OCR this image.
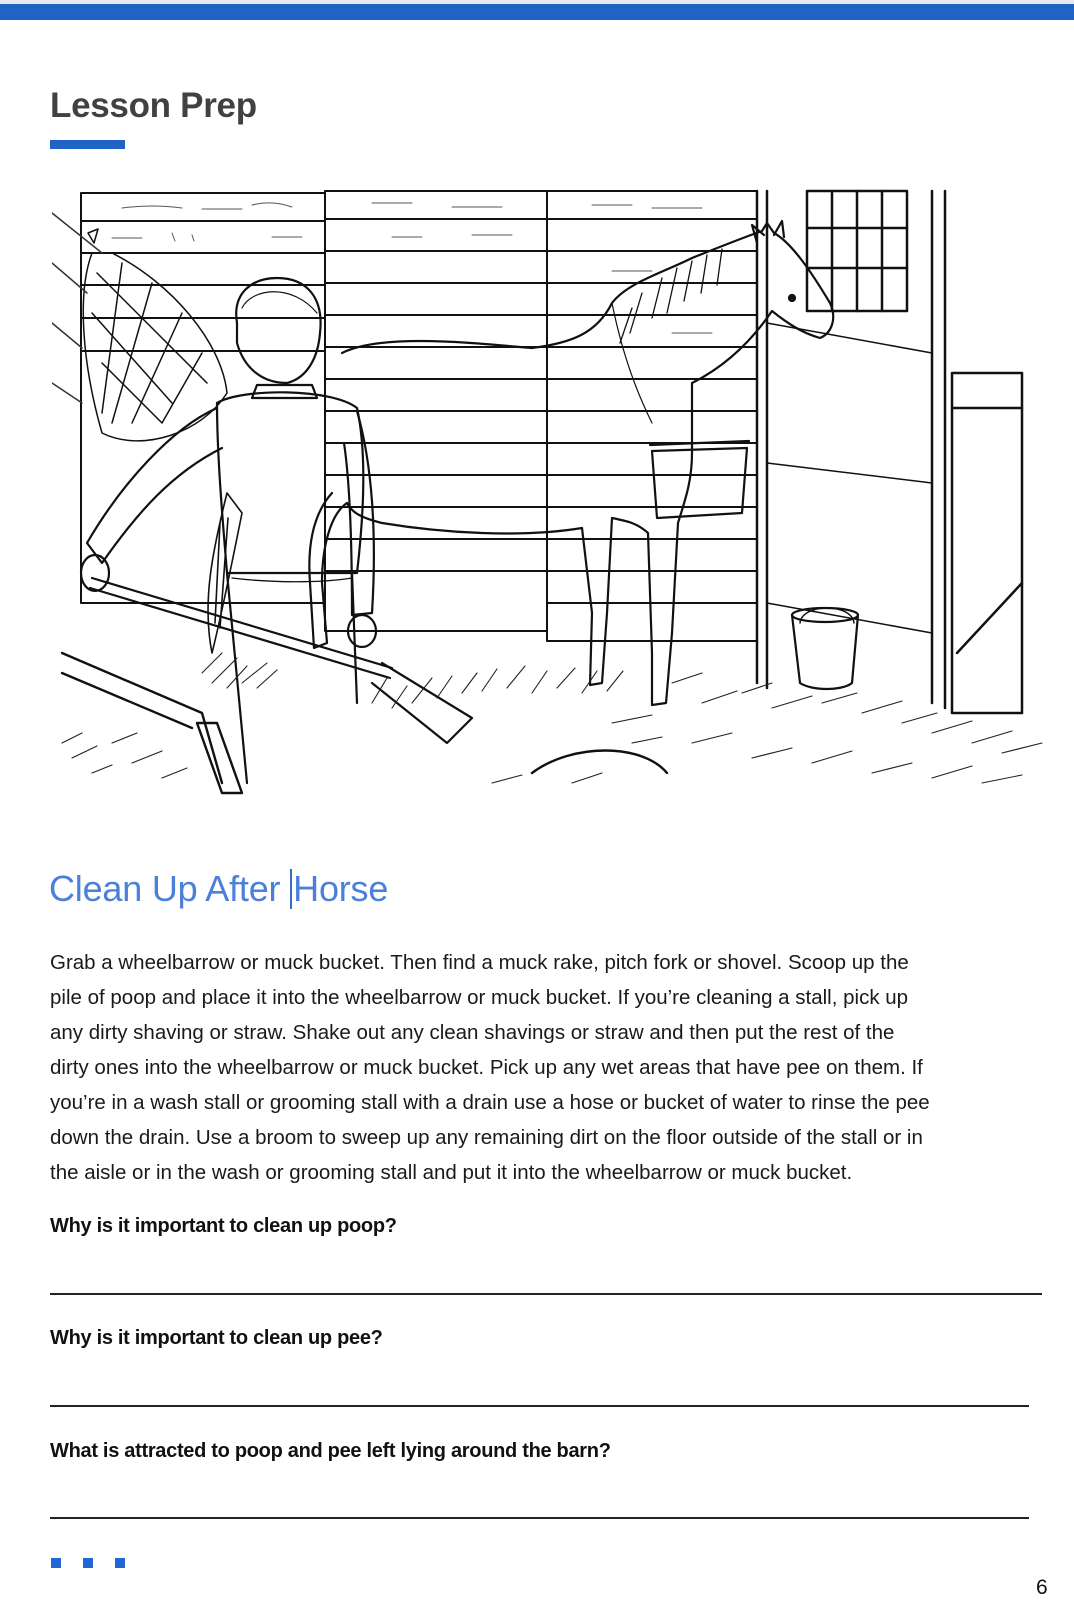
Lesson Prep
Clean Up After Horse
Grab a wheelbarrow or muck bucket. Then find a muck rake, pitch fork or shovel. Scoop up the
pile of poop and place it into the wheelbarrow or muck bucket. If you’re cleaning a stall, pick up
any dirty shaving or straw. Shake out any clean shavings or straw and then put the rest of the
dirty ones into the wheelbarrow or muck bucket. Pick up any wet areas that have pee on them. If
you’re in a wash stall or grooming stall with a drain use a hose or bucket of water to rinse the pee
down the drain. Use a broom to sweep up any remaining dirt on the floor outside of the stall or in
the aisle or in the wash or grooming stall and put it into the wheelbarrow or muck bucket.

Why is it important to clean up poop?

Why is it important to clean up pee?

What is attracted to poop and pee left lying around the barn?

6
